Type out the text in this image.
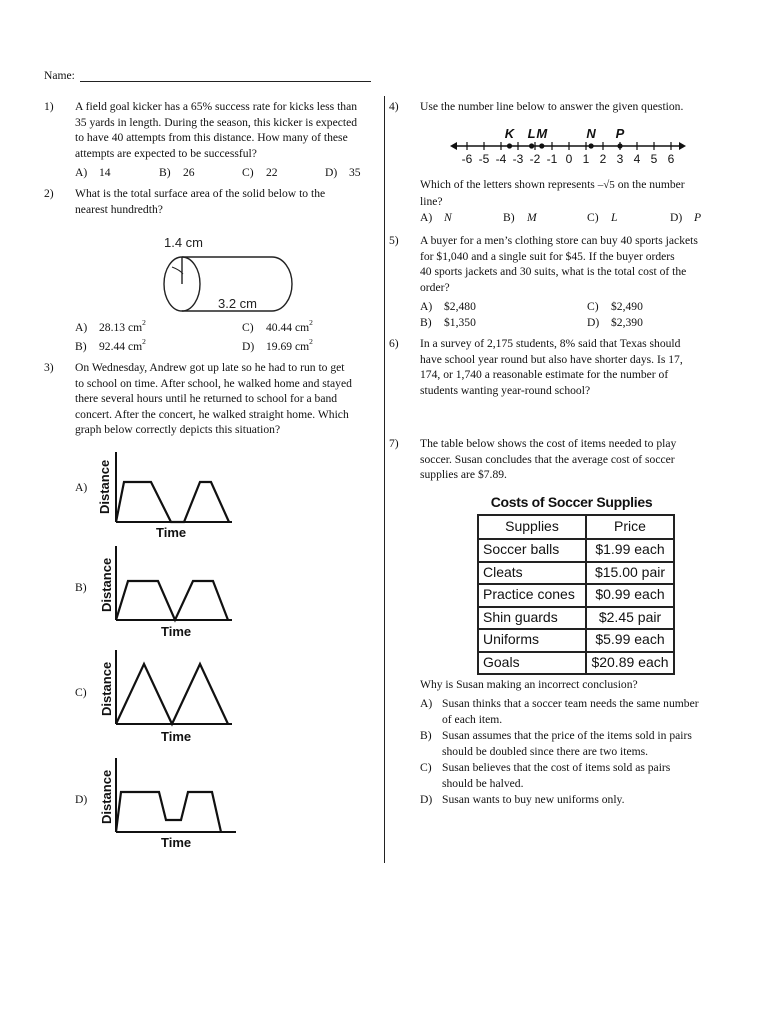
Name:
1)	A field goal kicker has a 65% success rate for kicks less than
35 yards in length. During the season, this kicker is expected
to have 40 attempts from this distance. How many of these
attempts are expected to be successful?
A) 14	B) 26	C) 22	D) 35
2)	What is the total surface area of the solid below to the
nearest hundredth?
1.4 cm
3.2 cm
A) 28.13 $cm^2$	C) 40.44 $cm^2$
B) 92.44 $cm^2$	D) 19.69 $cm^2$
3)	On Wednesday, Andrew got up late so he had to run to get
to school on time. After school, he walked home and stayed
there several hours until he returned to school for a band
concert. After the concert, he walked straight home. Which
graph below correctly depicts this situation?
A) Distance
Time
B) Distance
Time
C) Distance
Time
D) Distance
Time
4)	Use the number line below to answer the given question.
-6 -5 -4 -3 -2 -1 0 1 2 3 4 5 6
K L M	N P
Which of the letters shown represents –√5 on the number
line?
A) N	B) M	C) L	D) P
5)	A buyer for a men’s clothing store can buy 40 sports jackets
for $1,040 and a single suit for $45. If the buyer orders
40 sports jackets and 30 suits, what is the total cost of the
order?
A) $2,480	C) $2,490
B) $1,350	D) $2,390
6)	In a survey of 2,175 students, 8% said that Texas should
have school year round but also have shorter days. Is 17,
174, or 1,740 a reasonable estimate for the number of
students wanting year-round school?
7)	The table below shows the cost of items needed to play
soccer. Susan concludes that the average cost of soccer
supplies are $7.89.
Costs of Soccer Supplies
Supplies	Price
Soccer balls	$1.99 each
Cleats	$15.00 pair
Practice cones	$0.99 each
Shin guards	$2.45 pair
Uniforms	$5.99 each
Goals	$20.89 each
Why is Susan making an incorrect conclusion?
A) Susan thinks that a soccer team needs the same number
of each item.
B) Susan assumes that the price of the items sold in pairs
should be doubled since there are two items.
C) Susan believes that the cost of items sold as pairs
should be halved.
D) Susan wants to buy new uniforms only.
